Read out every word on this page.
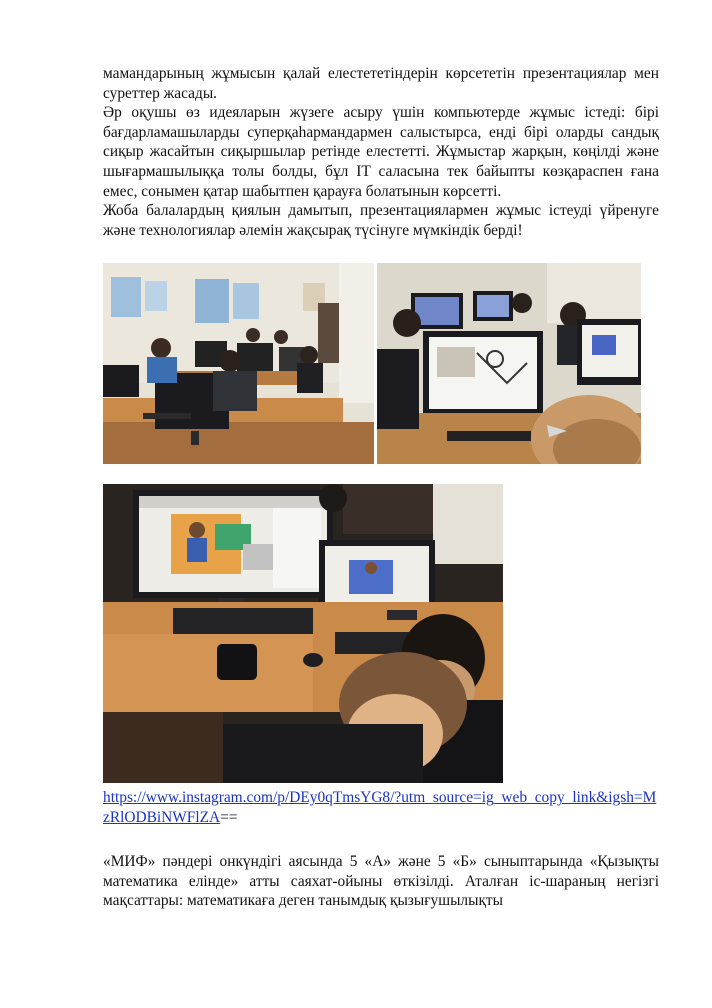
мамандарының жұмысын қалай елестететіндерін көрсететін презентациялар мен суреттер жасады.
Әр оқушы өз идеяларын жүзеге асыру үшін компьютерде жұмыс істеді: бірі бағдарламашыларды суперқаһармандармен салыстырса, енді бірі оларды сандық сиқыр жасайтын сиқыршылар ретінде елестетті. Жұмыстар жарқын, көңілді және шығармашылыққа толы болды, бұл IT саласына тек байыпты көзқараспен ғана емес, сонымен қатар шабытпен қарауға болатынын көрсетті.
Жоба балалардың қиялын дамытып, презентациялармен жұмыс істеуді үйренуге және технологиялар әлемін жақсырақ түсінуге мүмкіндік берді!
https://www.instagram.com/p/DEy0qTmsYG8/?utm_source=ig_web_copy_link&igsh=MzRlODBiNWFlZA==
«МИФ» пәндері онкүндігі аясында 5 «А» және 5 «Б» сыныптарында «Қызықты математика елінде» атты саяхат-ойыны өткізілді. Аталған іс-шараның негізгі мақсаттары: математикаға деген танымдық қызығушылықты
